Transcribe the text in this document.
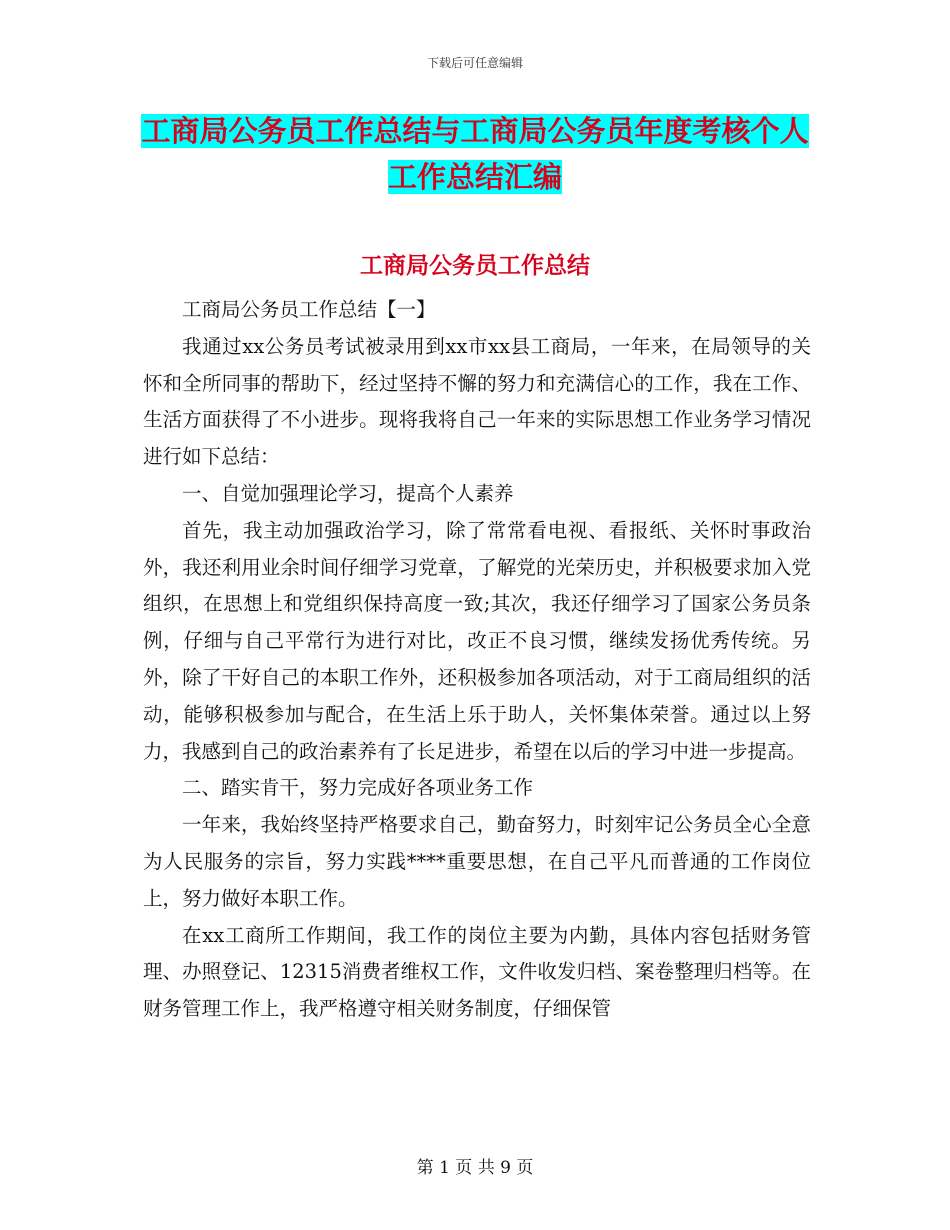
下载后可任意编辑
工商局公务员工作总结与工商局公务员年度考核个人
工作总结汇编
工商局公务员工作总结

工商局公务员工作总结【一】

我通过xx公务员考试被录用到xx市xx县工商局，一年来，在局领导的关怀和全所同事的帮助下，经过坚持不懈的努力和充满信心的工作，我在工作、生活方面获得了不小进步。现将我将自己一年来的实际思想工作业务学习情况进行如下总结：

一、自觉加强理论学习，提高个人素养

首先，我主动加强政治学习，除了常常看电视、看报纸、关怀时事政治外，我还利用业余时间仔细学习党章，了解党的光荣历史，并积极要求加入党组织，在思想上和党组织保持高度一致;其次，我还仔细学习了国家公务员条例，仔细与自己平常行为进行对比，改正不良习惯，继续发扬优秀传统。另外，除了干好自己的本职工作外，还积极参加各项活动，对于工商局组织的活动，能够积极参加与配合，在生活上乐于助人，关怀集体荣誉。通过以上努力，我感到自己的政治素养有了长足进步，希望在以后的学习中进一步提高。

二、踏实肯干，努力完成好各项业务工作

一年来，我始终坚持严格要求自己，勤奋努力，时刻牢记公务员全心全意为人民服务的宗旨，努力实践****重要思想，在自己平凡而普通的工作岗位上，努力做好本职工作。

在xx工商所工作期间，我工作的岗位主要为内勤，具体内容包括财务管理、办照登记、12315消费者维权工作，文件收发归档、案卷整理归档等。在财务管理工作上，我严格遵守相关财务制度，仔细保管

第 1 页 共 9 页
